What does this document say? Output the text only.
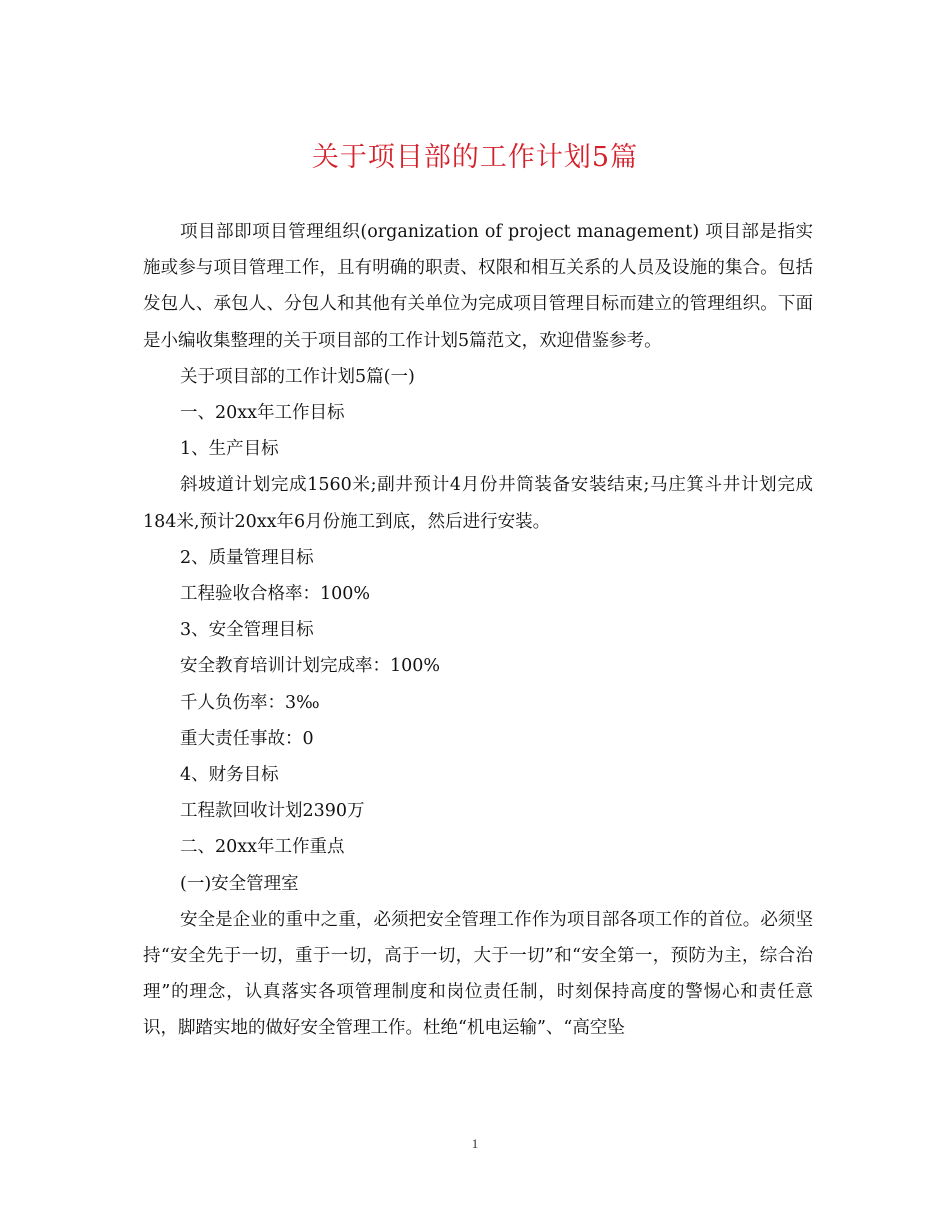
关于项目部的工作计划5篇

项目部即项目管理组织(organization of project management) 项目部是指实施或参与项目管理工作，且有明确的职责、权限和相互关系的人员及设施的集合。包括发包人、承包人、分包人和其他有关单位为完成项目管理目标而建立的管理组织。下面是小编收集整理的关于项目部的工作计划5篇范文，欢迎借鉴参考。

关于项目部的工作计划5篇(一)

一、20xx年工作目标

1、生产目标

斜坡道计划完成1560米;副井预计4月份井筒装备安装结束;马庄箕斗井计划完成184米,预计20xx年6月份施工到底，然后进行安装。

2、质量管理目标

工程验收合格率：100%

3、安全管理目标

安全教育培训计划完成率：100%

千人负伤率：3‰

重大责任事故：0

4、财务目标

工程款回收计划2390万

二、20xx年工作重点

(一)安全管理室

安全是企业的重中之重，必须把安全管理工作作为项目部各项工作的首位。必须坚持“安全先于一切，重于一切，高于一切，大于一切”和“安全第一，预防为主，综合治理”的理念，认真落实各项管理制度和岗位责任制，时刻保持高度的警惕心和责任意识，脚踏实地的做好安全管理工作。杜绝“机电运输”、“高空坠

1
